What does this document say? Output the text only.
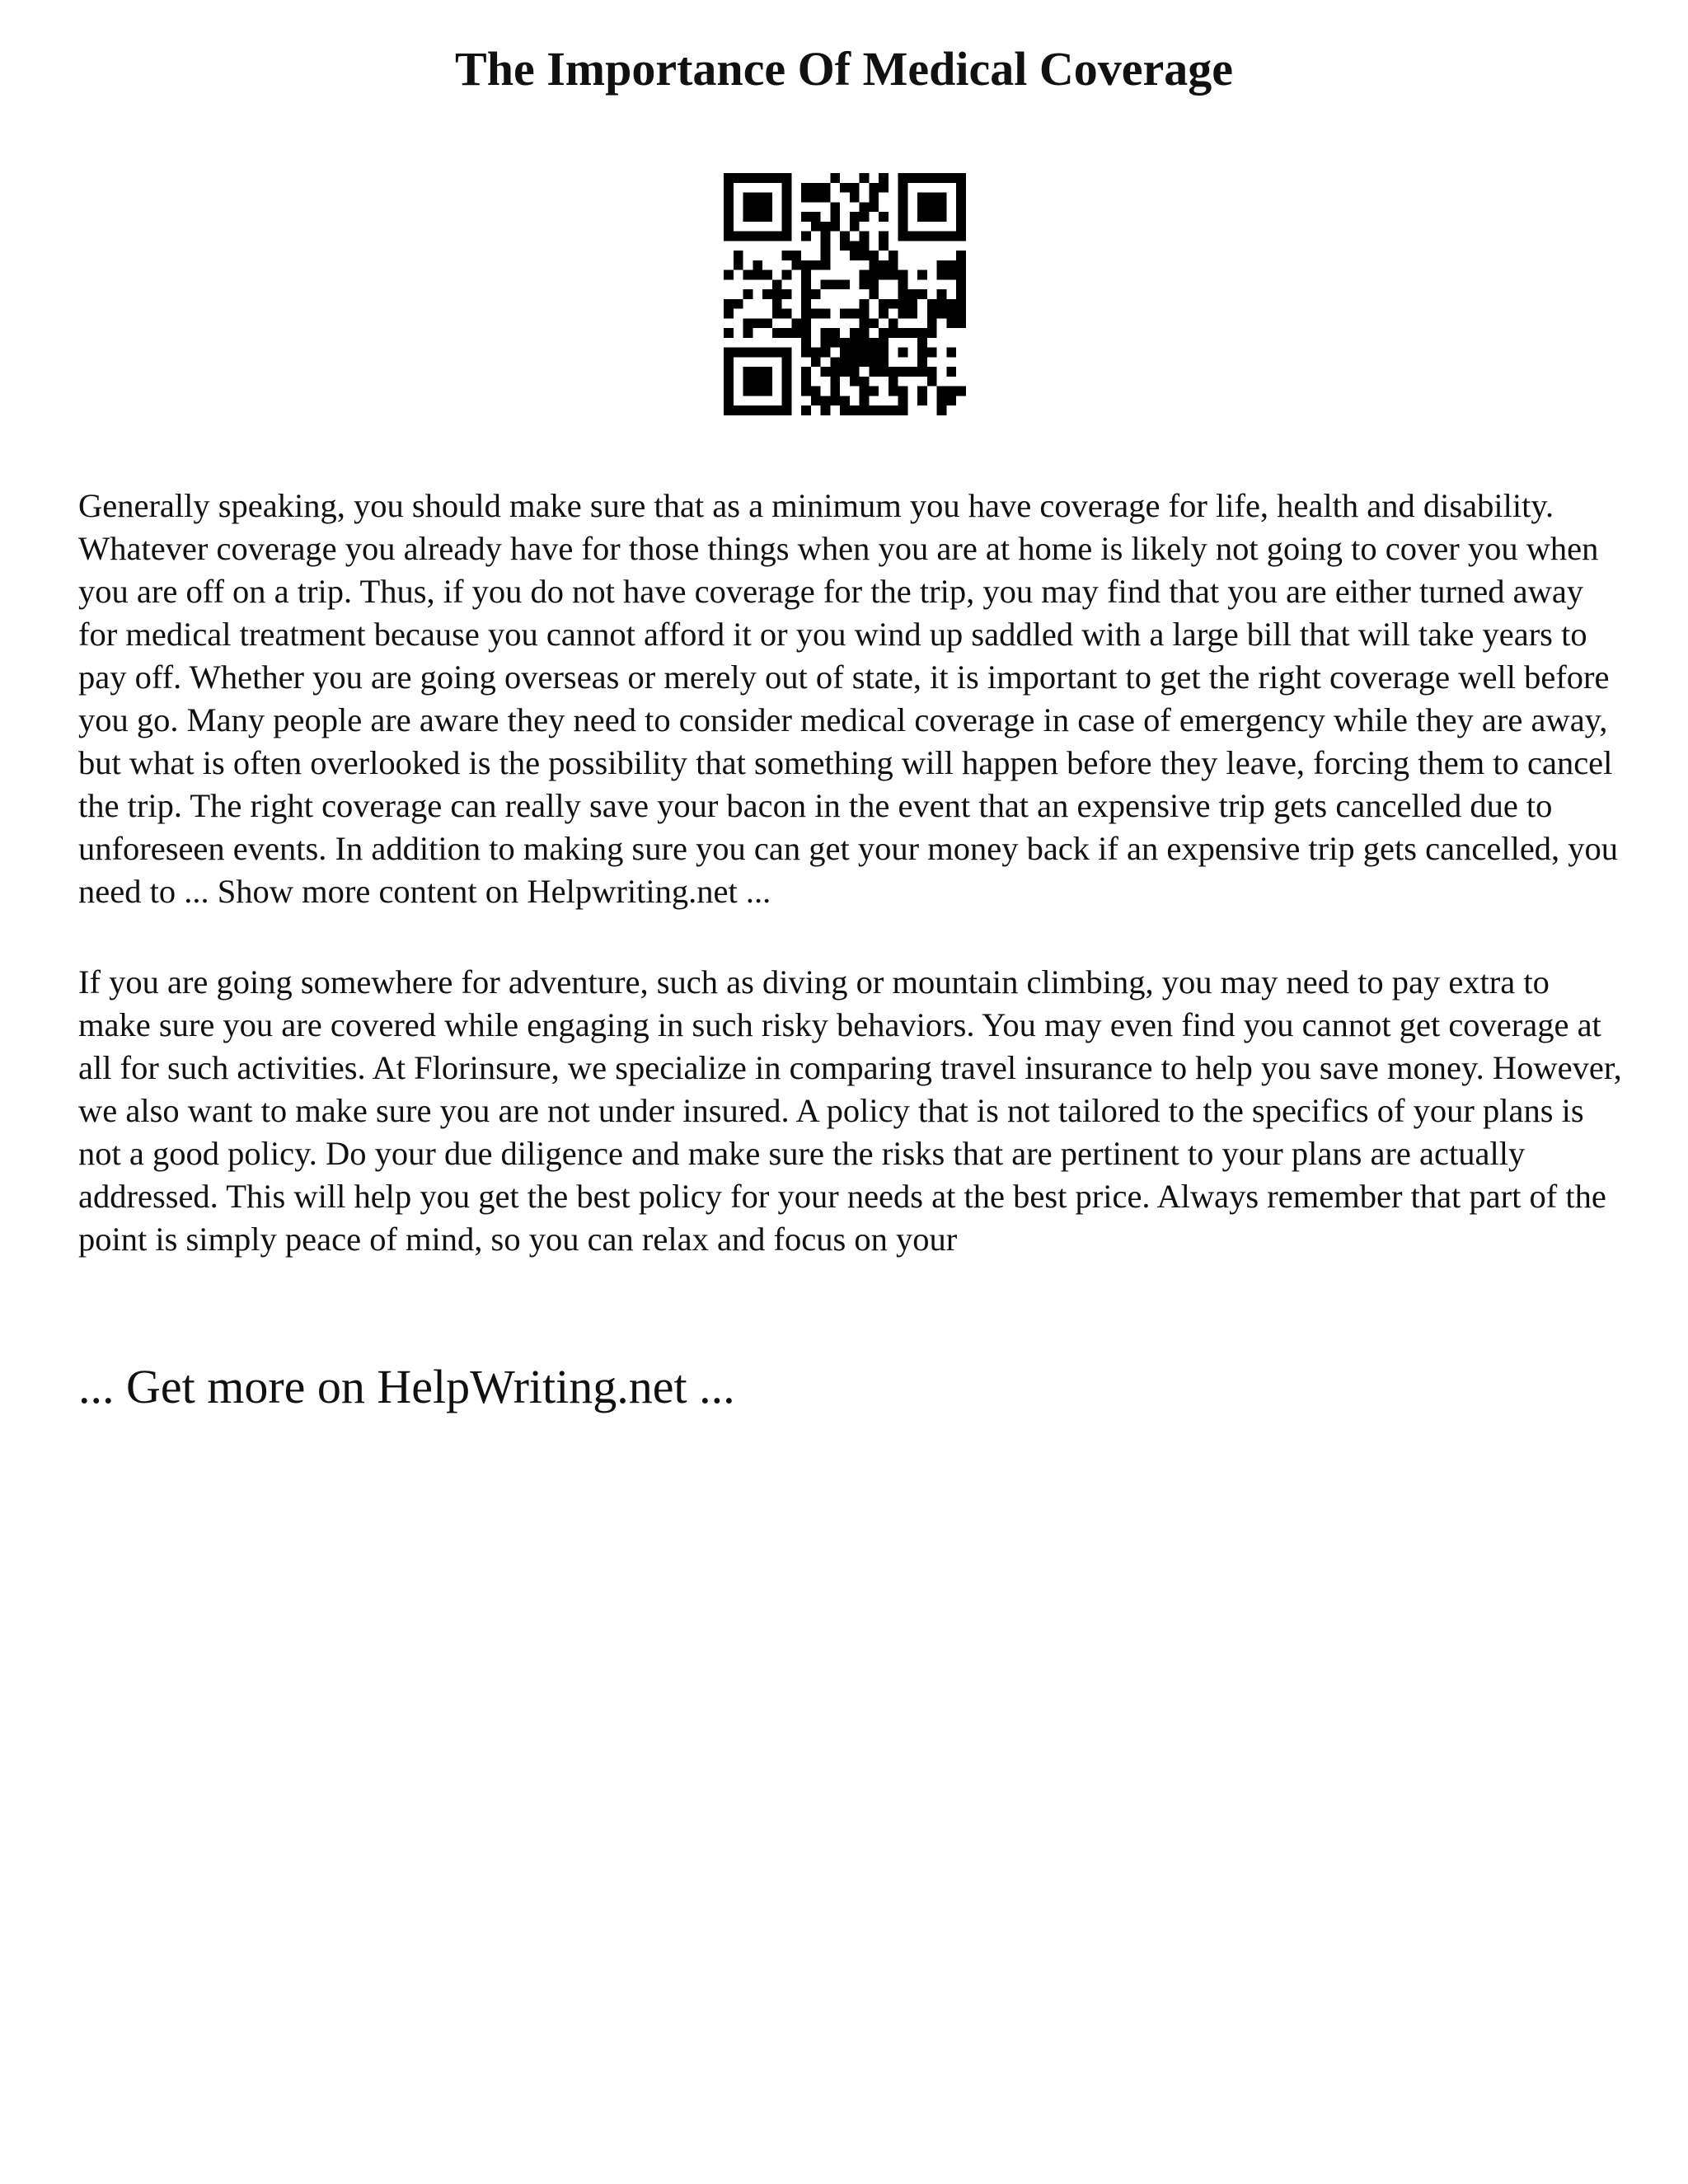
The Importance Of Medical Coverage

Generally speaking, you should make sure that as a minimum you have coverage for life, health and disability. Whatever coverage you already have for those things when you are at home is likely not going to cover you when you are off on a trip. Thus, if you do not have coverage for the trip, you may find that you are either turned away for medical treatment because you cannot afford it or you wind up saddled with a large bill that will take years to pay off. Whether you are going overseas or merely out of state, it is important to get the right coverage well before you go. Many people are aware they need to consider medical coverage in case of emergency while they are away, but what is often overlooked is the possibility that something will happen before they leave, forcing them to cancel the trip. The right coverage can really save your bacon in the event that an expensive trip gets cancelled due to unforeseen events. In addition to making sure you can get your money back if an expensive trip gets cancelled, you need to ... Show more content on Helpwriting.net ...

If you are going somewhere for adventure, such as diving or mountain climbing, you may need to pay extra to make sure you are covered while engaging in such risky behaviors. You may even find you cannot get coverage at all for such activities. At Florinsure, we specialize in comparing travel insurance to help you save money. However, we also want to make sure you are not under insured. A policy that is not tailored to the specifics of your plans is not a good policy. Do your due diligence and make sure the risks that are pertinent to your plans are actually addressed. This will help you get the best policy for your needs at the best price. Always remember that part of the point is simply peace of mind, so you can relax and focus on your

... Get more on HelpWriting.net ...
